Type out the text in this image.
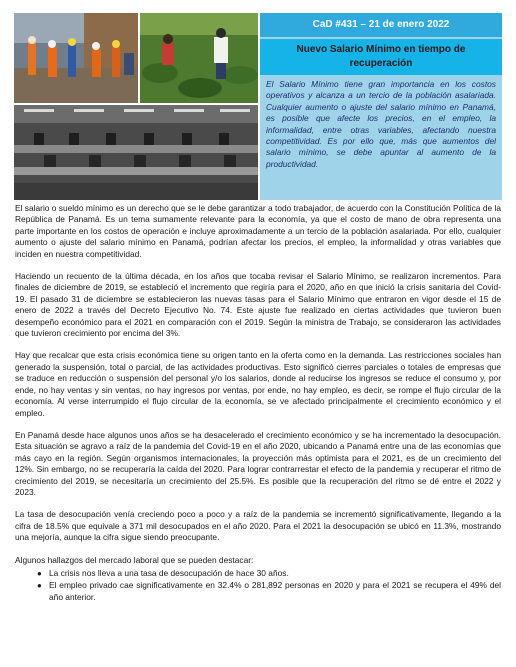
CaD #431 – 21 de enero 2022
Nuevo Salario Mínimo en tiempo de
recuperación

El Salario Mínimo tiene gran importancia en los costos operativos y alcanza a un tercio de la población asalariada. Cualquier aumento o ajuste del salario mínimo en Panamá, es posible que afecte los precios, en el empleo, la informalidad, entre otras variables, afectando nuestra competitividad. Es por ello que, más que aumentos del salario mínimo, se debe apuntar al aumento de la productividad.

El salario o sueldo mínimo es un derecho que se le debe garantizar a todo trabajador, de acuerdo con la Constitución Política de la República de Panamá. Es un tema sumamente relevante para la economía, ya que el costo de mano de obra representa una parte importante en los costos de operación e incluye aproximadamente a un tercio de la población asalariada. Por ello, cualquier aumento o ajuste del salario mínimo en Panamá, podrían afectar los precios, el empleo, la informalidad y otras variables que inciden en nuestra competitividad.

Haciendo un recuento de la última década, en los años que tocaba revisar el Salario Mínimo, se realizaron incrementos. Para finales de diciembre de 2019, se estableció el incremento que regiría para el 2020, año en que inició la crisis sanitaria del Covid-19. El pasado 31 de diciembre se establecieron las nuevas tasas para el Salario Mínimo que entraron en vigor desde el 15 de enero de 2022 a través del Decreto Ejecutivo No. 74. Este ajuste fue realizado en ciertas actividades que tuvieron buen desempeño económico para el 2021 en comparación con el 2019. Según la ministra de Trabajo, se consideraron las actividades que tuvieron crecimiento por encima del 3%.

Hay que recalcar que esta crisis económica tiene su origen tanto en la oferta como en la demanda. Las restricciones sociales han generado la suspensión, total o parcial, de las actividades productivas. Esto significó cierres parciales o totales de empresas que se traduce en reducción o suspensión del personal y/o los salarios, donde al reducirse los ingresos se reduce el consumo y, por ende, no hay ventas y sin ventas, no hay ingresos por ventas, por ende, no hay empleo, es decir, se rompe el flujo circular de la economía. Al verse interrumpido el flujo circular de la economía, se ve afectado principalmente el crecimiento económico y el empleo.

En Panamá desde hace algunos unos años se ha desacelerado el crecimiento económico y se ha incrementado la desocupación. Esta situación se agravo a raíz de la pandemia del Covid-19 en el año 2020, ubicando a Panamá entre una de las economías que más cayo en la región. Según organismos internacionales, la proyección más optimista para el 2021, es de un crecimiento del 12%. Sin embargo, no se recuperaría la caída del 2020. Para lograr contrarrestar el efecto de la pandemia y recuperar el ritmo de crecimiento del 2019, se necesitaría un crecimiento del 25.5%. Es posible que la recuperación del ritmo se dé entre el 2022 y 2023.

La tasa de desocupación venía creciendo poco a poco y a raíz de la pandemia se incrementó significativamente, llegando a la cifra de 18.5% que equivale a 371 mil desocupados en el año 2020. Para el 2021 la desocupación se ubicó en 11.3%, mostrando una mejoría, aunque la cifra sigue siendo preocupante.

Algunos hallazgos del mercado laboral que se pueden destacar:

● La crisis nos lleva a una tasa de desocupación de hace 30 años.
● El empleo privado cae significativamente en 32.4% o 281,892 personas en 2020 y para el 2021 se recupera el 49% del año anterior.
